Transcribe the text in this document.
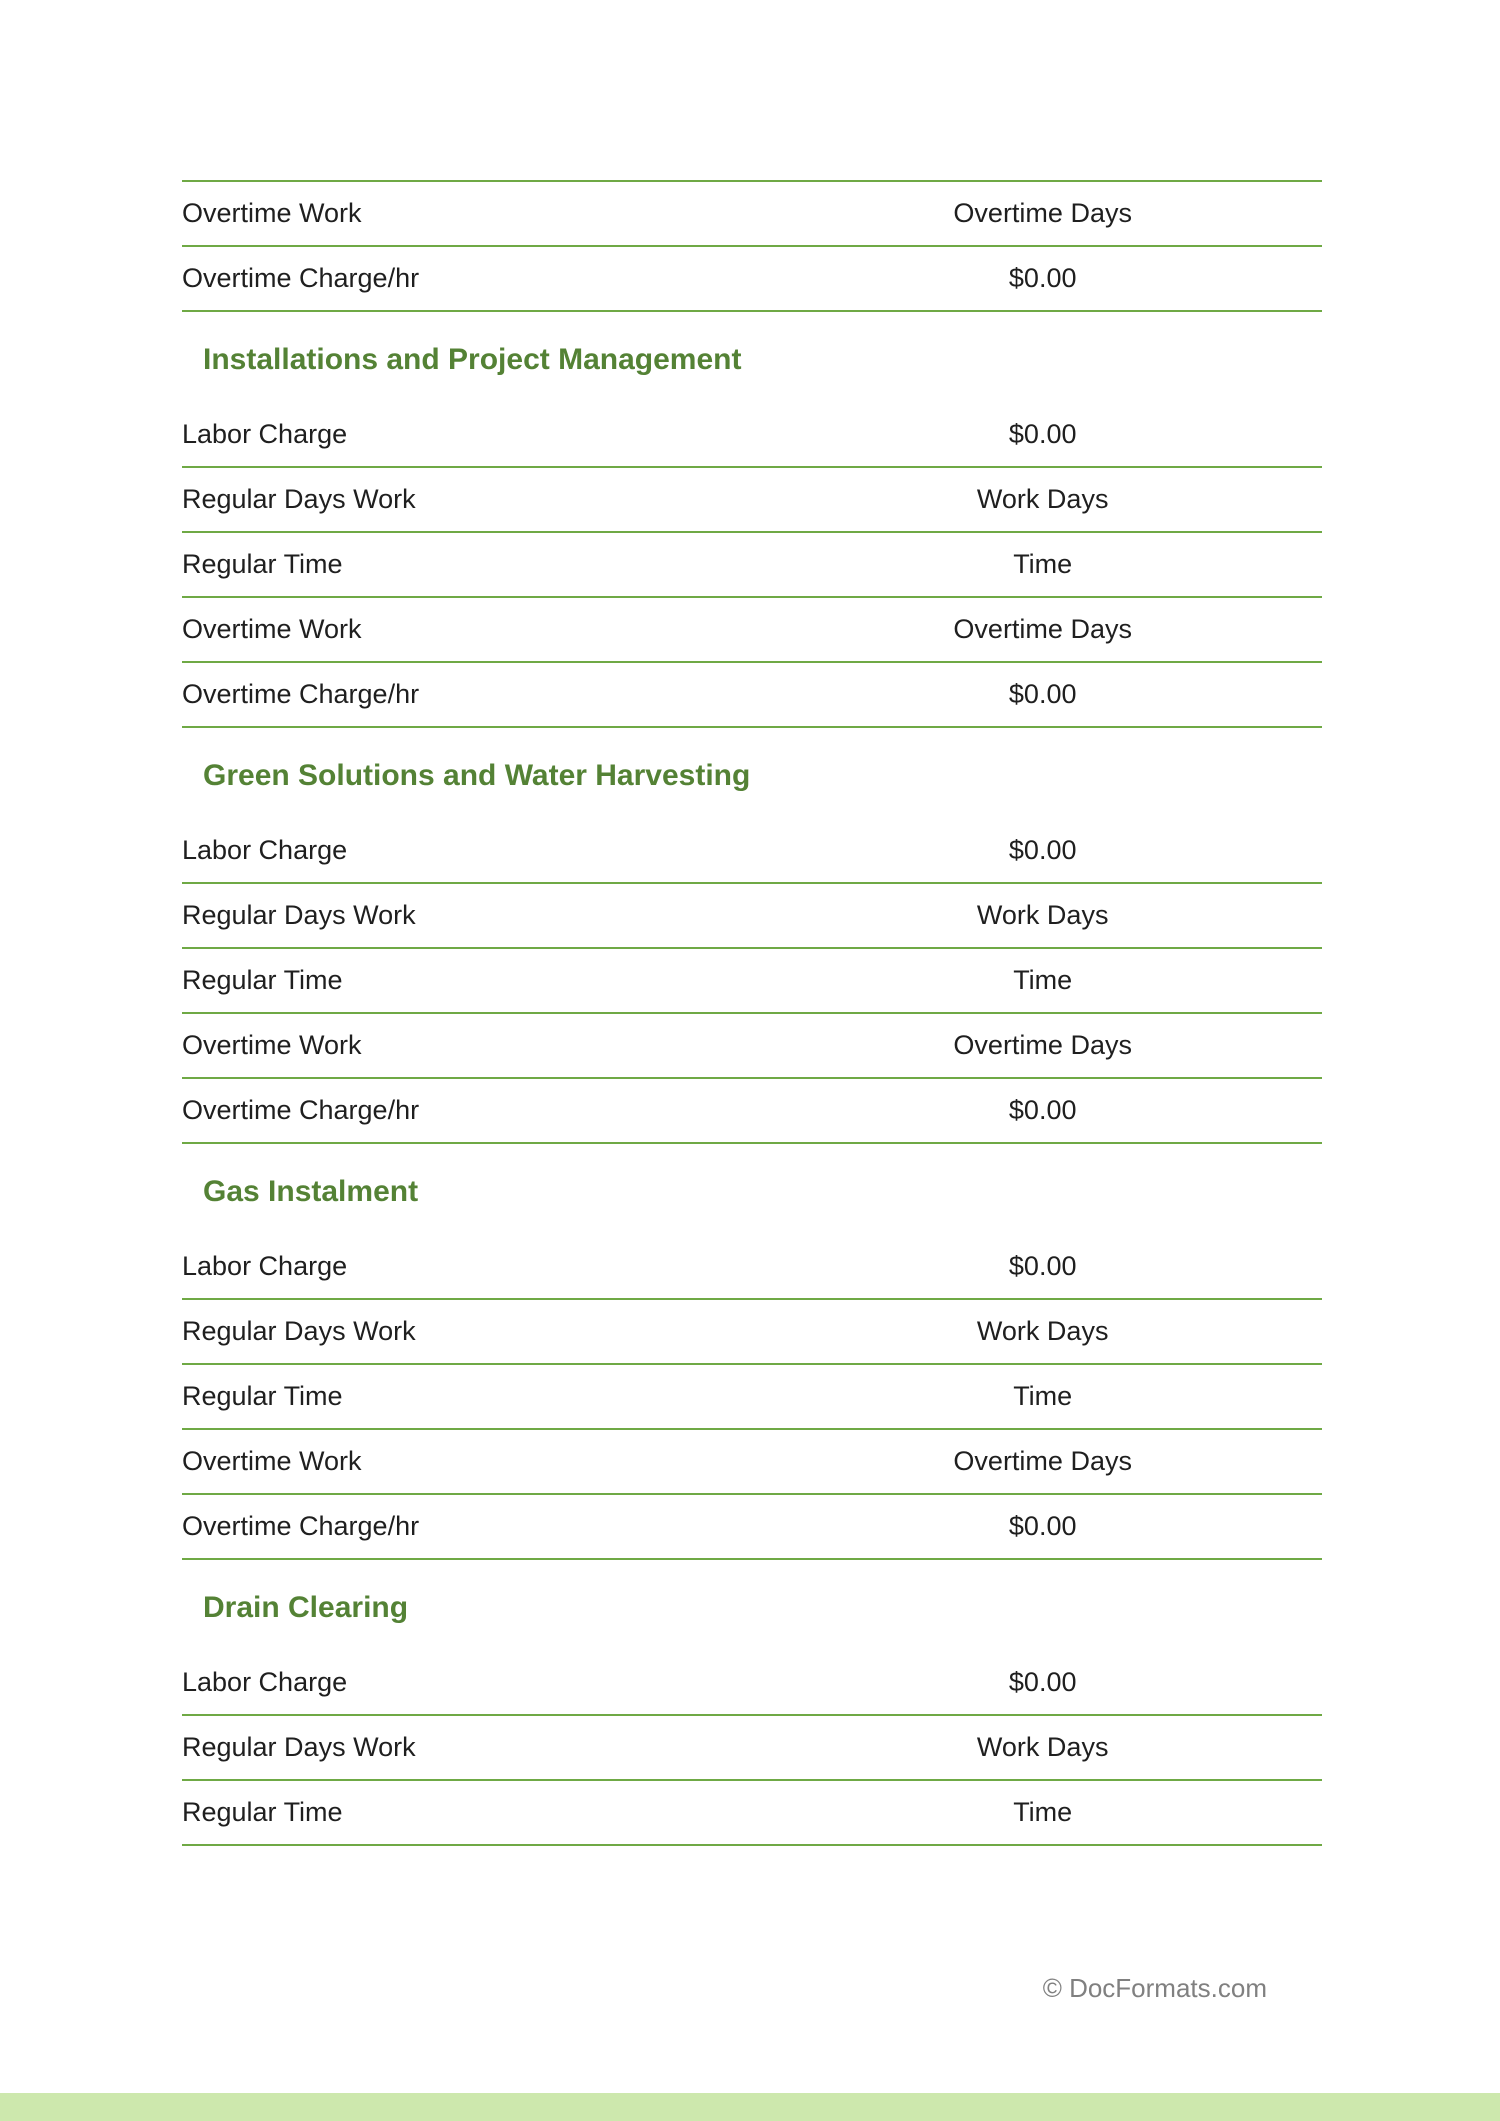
Overtime Work	Overtime Days
Overtime Charge/hr	$0.00
Installations and Project Management
Labor Charge	$0.00
Regular Days Work	Work Days
Regular Time	Time
Overtime Work	Overtime Days
Overtime Charge/hr	$0.00
Green Solutions and Water Harvesting
Labor Charge	$0.00
Regular Days Work	Work Days
Regular Time	Time
Overtime Work	Overtime Days
Overtime Charge/hr	$0.00
Gas Instalment
Labor Charge	$0.00
Regular Days Work	Work Days
Regular Time	Time
Overtime Work	Overtime Days
Overtime Charge/hr	$0.00
Drain Clearing
Labor Charge	$0.00
Regular Days Work	Work Days
Regular Time	Time
© DocFormats.com
